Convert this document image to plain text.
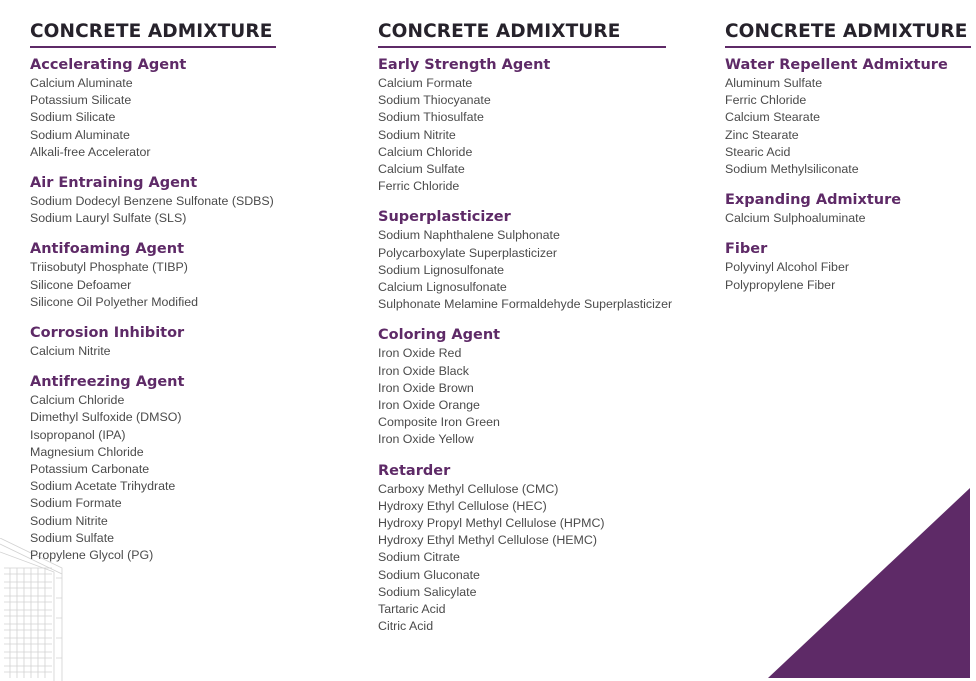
CONCRETE ADMIXTURE
Accelerating Agent
Calcium Aluminate
Potassium Silicate
Sodium Silicate
Sodium Aluminate
Alkali-free Accelerator
Air Entraining Agent
Sodium Dodecyl Benzene Sulfonate (SDBS)
Sodium Lauryl Sulfate (SLS)
Antifoaming Agent
Triisobutyl Phosphate (TIBP)
Silicone Defoamer
Silicone Oil Polyether Modified
Corrosion Inhibitor
Calcium Nitrite
Antifreezing Agent
Calcium Chloride
Dimethyl Sulfoxide (DMSO)
Isopropanol (IPA)
Magnesium Chloride
Potassium Carbonate
Sodium Acetate Trihydrate
Sodium Formate
Sodium Nitrite
Sodium Sulfate
Propylene Glycol (PG)
CONCRETE ADMIXTURE
Early Strength Agent
Calcium Formate
Sodium Thiocyanate
Sodium Thiosulfate
Sodium Nitrite
Calcium Chloride
Calcium Sulfate
Ferric Chloride
Superplasticizer
Sodium Naphthalene Sulphonate
Polycarboxylate Superplasticizer
Sodium Lignosulfonate
Calcium Lignosulfonate
Sulphonate Melamine Formaldehyde Superplasticizer
Coloring Agent
Iron Oxide Red
Iron Oxide Black
Iron Oxide Brown
Iron Oxide Orange
Composite Iron Green
Iron Oxide Yellow
Retarder
Carboxy Methyl Cellulose (CMC)
Hydroxy Ethyl Cellulose (HEC)
Hydroxy Propyl Methyl Cellulose (HPMC)
Hydroxy Ethyl Methyl Cellulose (HEMC)
Sodium Citrate
Sodium Gluconate
Sodium Salicylate
Tartaric Acid
Citric Acid
CONCRETE ADMIXTURE
Water Repellent Admixture
Aluminum Sulfate
Ferric Chloride
Calcium Stearate
Zinc Stearate
Stearic Acid
Sodium Methylsiliconate
Expanding Admixture
Calcium Sulphoaluminate
Fiber
Polyvinyl Alcohol Fiber
Polypropylene Fiber
